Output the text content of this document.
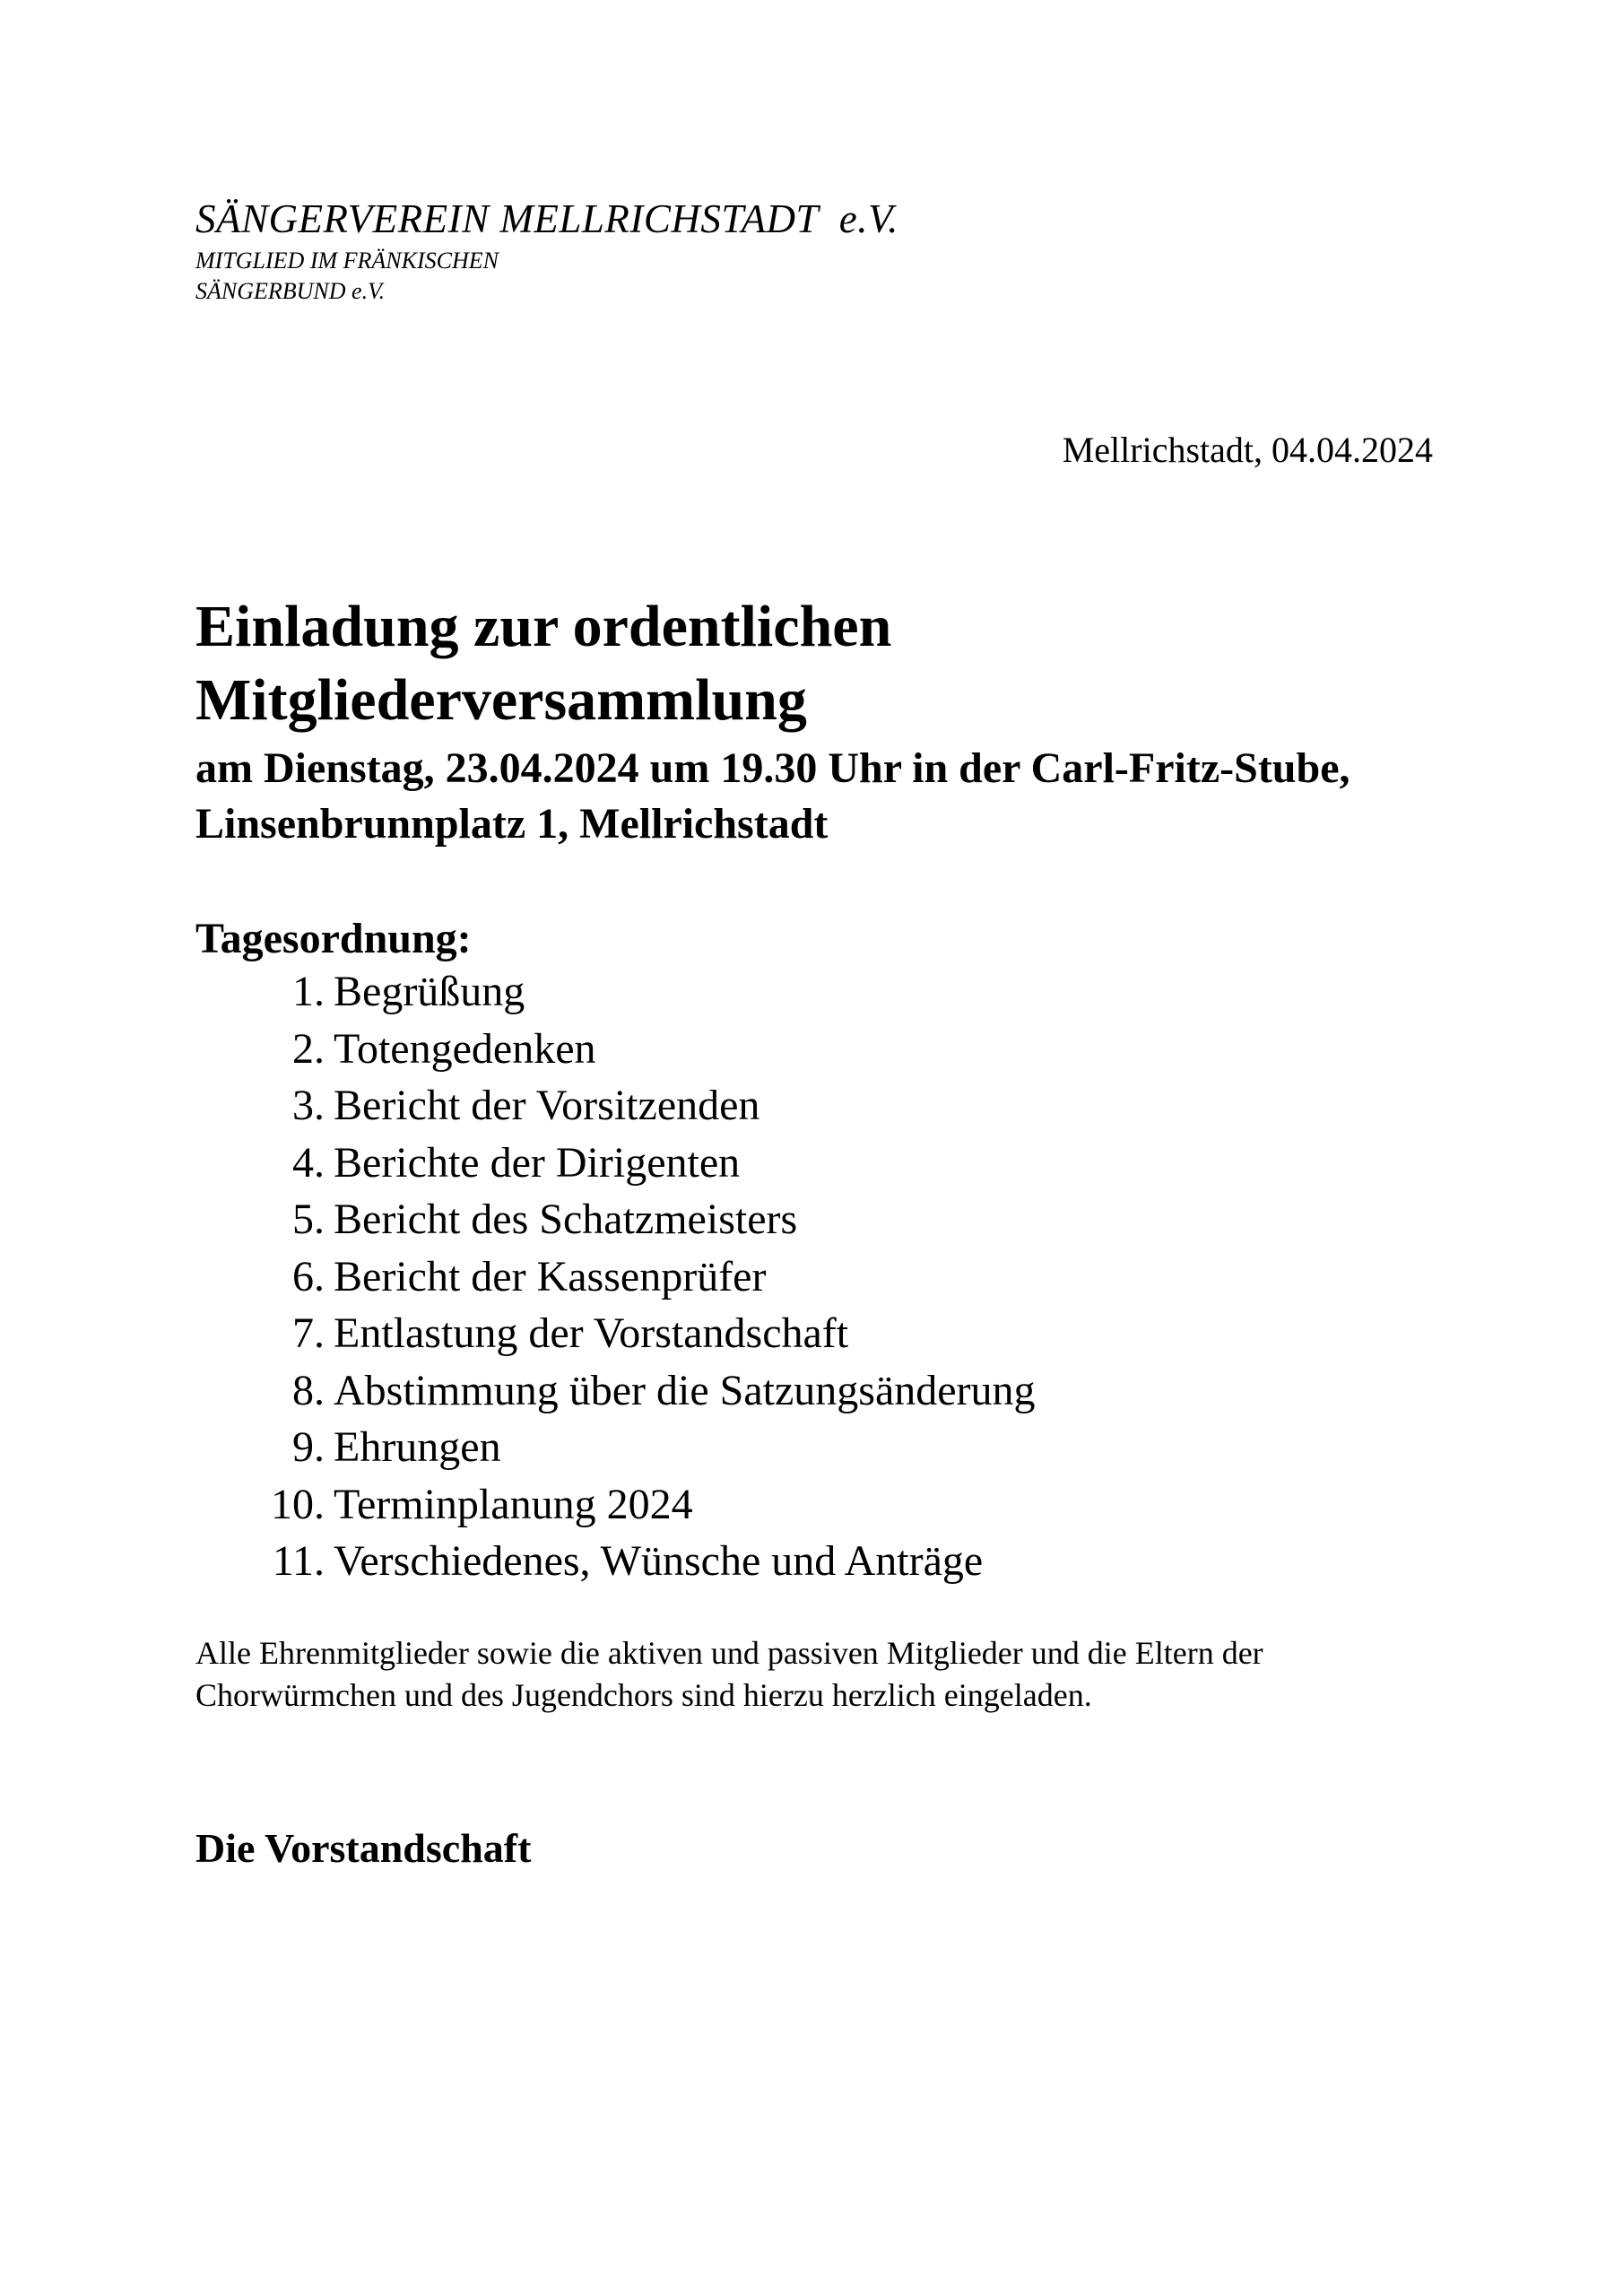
SÄNGERVEREIN MELLRICHSTADT  e.V.
MITGLIED IM FRÄNKISCHEN
SÄNGERBUND e.V.
Mellrichstadt, 04.04.2024
Einladung zur ordentlichen
Mitgliederversammlung
am Dienstag, 23.04.2024 um 19.30 Uhr in der Carl-Fritz-Stube, Linsenbrunnplatz 1, Mellrichstadt
Tagesordnung:
1. Begrüßung
2. Totengedenken
3. Bericht der Vorsitzenden
4. Berichte der Dirigenten
5. Bericht des Schatzmeisters
6. Bericht der Kassenprüfer
7. Entlastung der Vorstandschaft
8. Abstimmung über die Satzungsänderung
9. Ehrungen
10. Terminplanung 2024
11. Verschiedenes, Wünsche und Anträge
Alle Ehrenmitglieder sowie die aktiven und passiven Mitglieder und die Eltern der Chorwürmchen und des Jugendchors sind hierzu herzlich eingeladen.
Die Vorstandschaft
